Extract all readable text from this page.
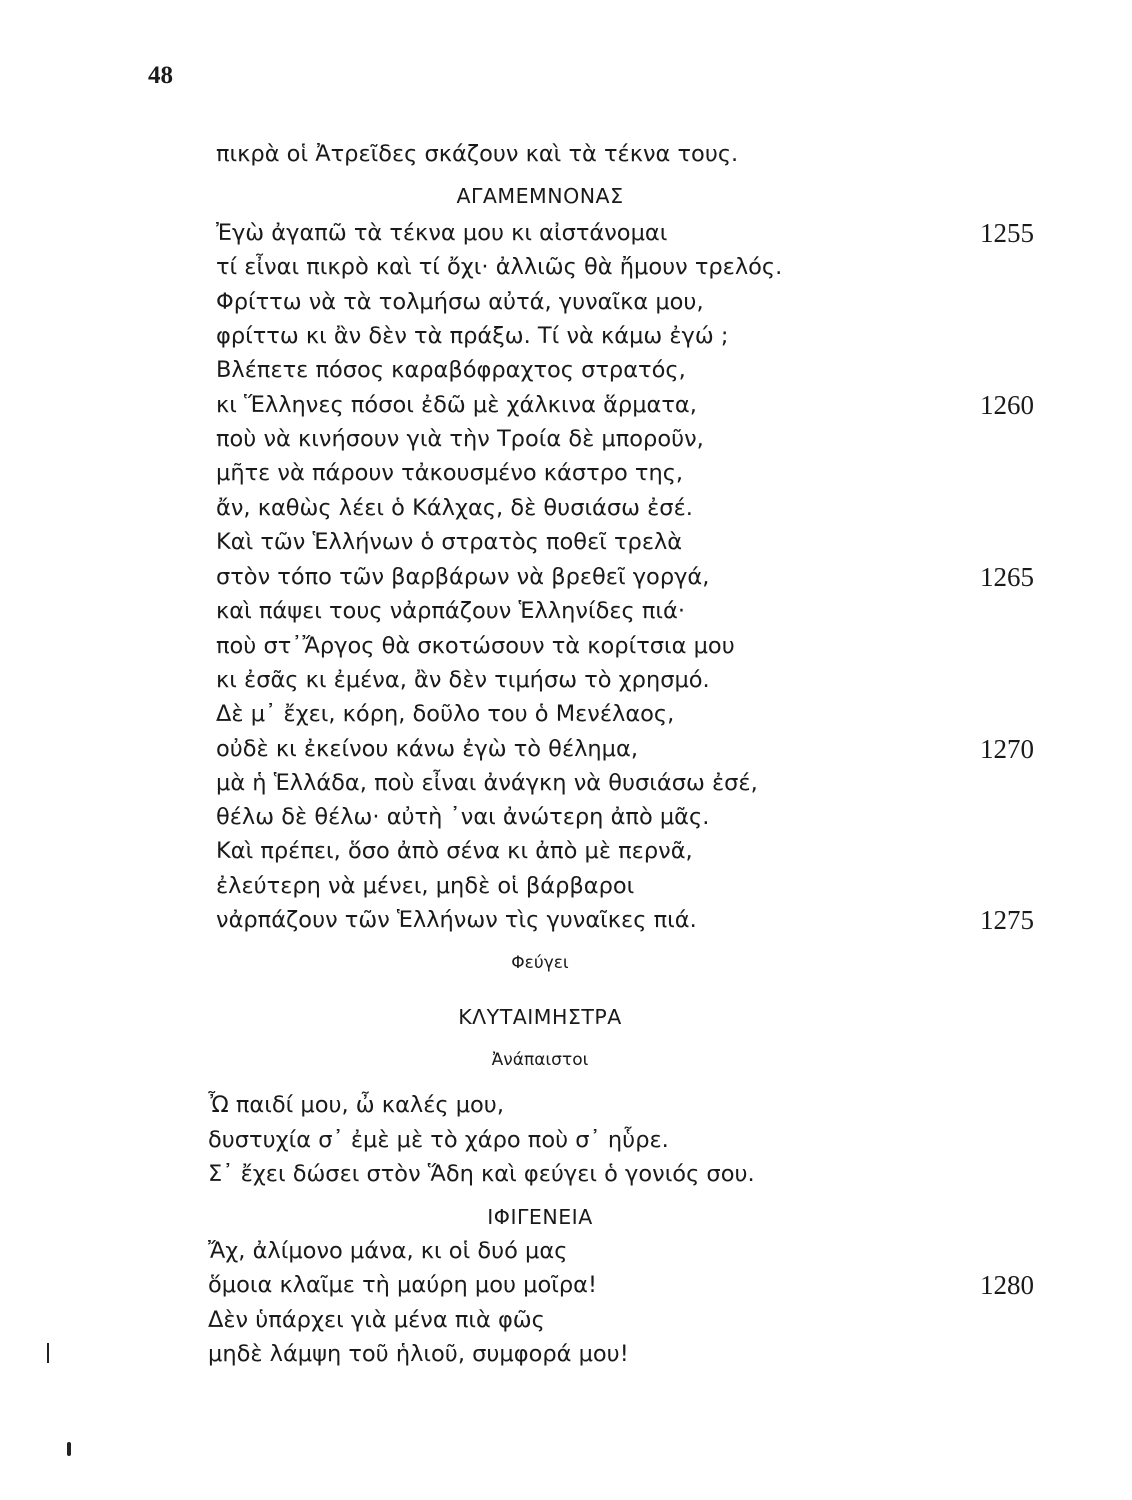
48
πικρὰ οἱ Ἀτρεῖδες σκάζουν καὶ τὰ τέκνα τους.
ΑΓΑΜΕΜΝΟΝΑΣ
Ἐγὼ ἀγαπῶ τὰ τέκνα μου κι αἰστάνομαι	1255
τί εἶναι πικρὸ καὶ τί ὄχι· ἀλλιῶς θὰ ἤμουν τρελός.
Φρίττω νὰ τὰ τολμήσω αὐτά, γυναῖκα μου,
φρίττω κι ἂν δὲν τὰ πράξω. Τί νὰ κάμω ἐγώ ;
Βλέπετε πόσος καραβόφραχτος στρατός,
κι Ἕλληνες πόσοι ἐδῶ μὲ χάλκινα ἅρματα,	1260
ποὺ νὰ κινήσουν γιὰ τὴν Τροία δὲ μποροῦν,
μῆτε νὰ πάρουν τἀκουσμένο κάστρο της,
ἄν, καθὼς λέει ὁ Κάλχας, δὲ θυσιάσω ἐσέ.
Καὶ τῶν Ἑλλήνων ὁ στρατὸς ποθεῖ τρελὰ
στὸν τόπο τῶν βαρβάρων νὰ βρεθεῖ γοργά,	1265
καὶ πάψει τους νἀρπάζουν Ἑλληνίδες πιά·
ποὺ στ᾿Ἄργος θὰ σκοτώσουν τὰ κορίτσια μου
κι ἐσᾶς κι ἐμένα, ἂν δὲν τιμήσω τὸ χρησμό.
Δὲ μ᾿ ἔχει, κόρη, δοῦλο του ὁ Μενέλαος,
οὐδὲ κι ἐκείνου κάνω ἐγὼ τὸ θέλημα,	1270
μὰ ἡ Ἑλλάδα, ποὺ εἶναι ἀνάγκη νὰ θυσιάσω ἐσέ,
θέλω δὲ θέλω· αὐτὴ ᾿ναι ἀνώτερη ἀπὸ μᾶς.
Καὶ πρέπει, ὅσο ἀπὸ σένα κι ἀπὸ μὲ περνᾶ,
ἐλεύτερη νὰ μένει, μηδὲ οἱ βάρβαροι
νἀρπάζουν τῶν Ἑλλήνων τὶς γυναῖκες πιά.	1275
Φεύγει
ΚΛΥΤΑΙΜΗΣΤΡΑ
Ἀνάπαιστοι
Ὦ παιδί μου, ὦ καλές μου,
δυστυχία σ᾿ ἐμὲ μὲ τὸ χάρο ποὺ σ᾿ ηὗρε.
Σ᾿ ἔχει δώσει στὸν Ἅδη καὶ φεύγει ὁ γονιός σου.
ΙΦΙΓΕΝΕΙΑ
Ἄχ, ἀλίμονο μάνα, κι οἱ δυό μας
ὅμοια κλαῖμε τὴ μαύρη μου μοῖρα!	1280
Δὲν ὑπάρχει γιὰ μένα πιὰ φῶς
μηδὲ λάμψη τοῦ ἡλιοῦ, συμφορά μου!
